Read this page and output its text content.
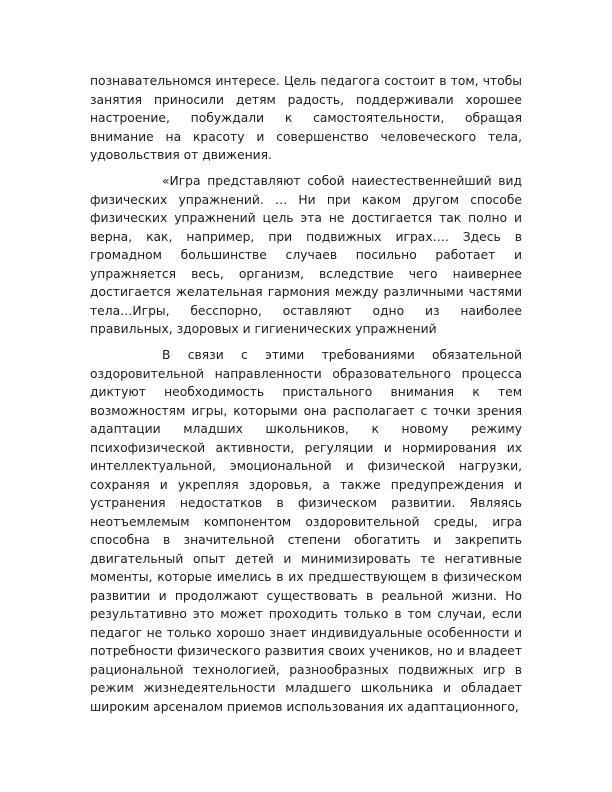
познавательномся интересе. Цель педагога состоит в том, чтобы занятия приносили детям радость, поддерживали хорошее настроение, побуждали к самостоятельности, обращая внимание на красоту и совершенство человеческого тела, удовольствия от движения.

«Игра представляют собой наиестественнейший вид физических упражнений. … Ни при каком другом способе физических упражнений цель эта не достигается так полно и верна, как, например, при подвижных играх…. Здесь в громадном большинстве случаев посильно работает и упражняется весь, организм, вследствие чего наивернее достигается желательная гармония между различными частями тела…Игры, бесспорно, оставляют одно из наиболее правильных, здоровых и гигиенических упражнений

В связи с этими требованиями обязательной оздоровительной направленности образовательного процесса диктуют необходимость пристального внимания к тем возможностям игры, которыми она располагает с точки зрения адаптации младших школьников, к новому режиму психофизической активности, регуляции и нормирования их интеллектуальной, эмоциональной и физической нагрузки, сохраняя и укрепляя здоровья, а также предупреждения и устранения недостатков в физическом развитии. Являясь неотъемлемым компонентом оздоровительной среды, игра способна в значительной степени обогатить и закрепить двигательный опыт детей и минимизировать те негативные моменты, которые имелись в их предшествующем в физическом развитии и продолжают существовать в реальной жизни. Но результативно это может проходить только в том случаи, если педагог не только хорошо знает индивидуальные особенности и потребности физического развития своих учеников, но и владеет рациональной технологией, разнообразных подвижных игр в режим жизнедеятельности младшего школьника и обладает широким арсеналом приемов использования их адаптационного,
